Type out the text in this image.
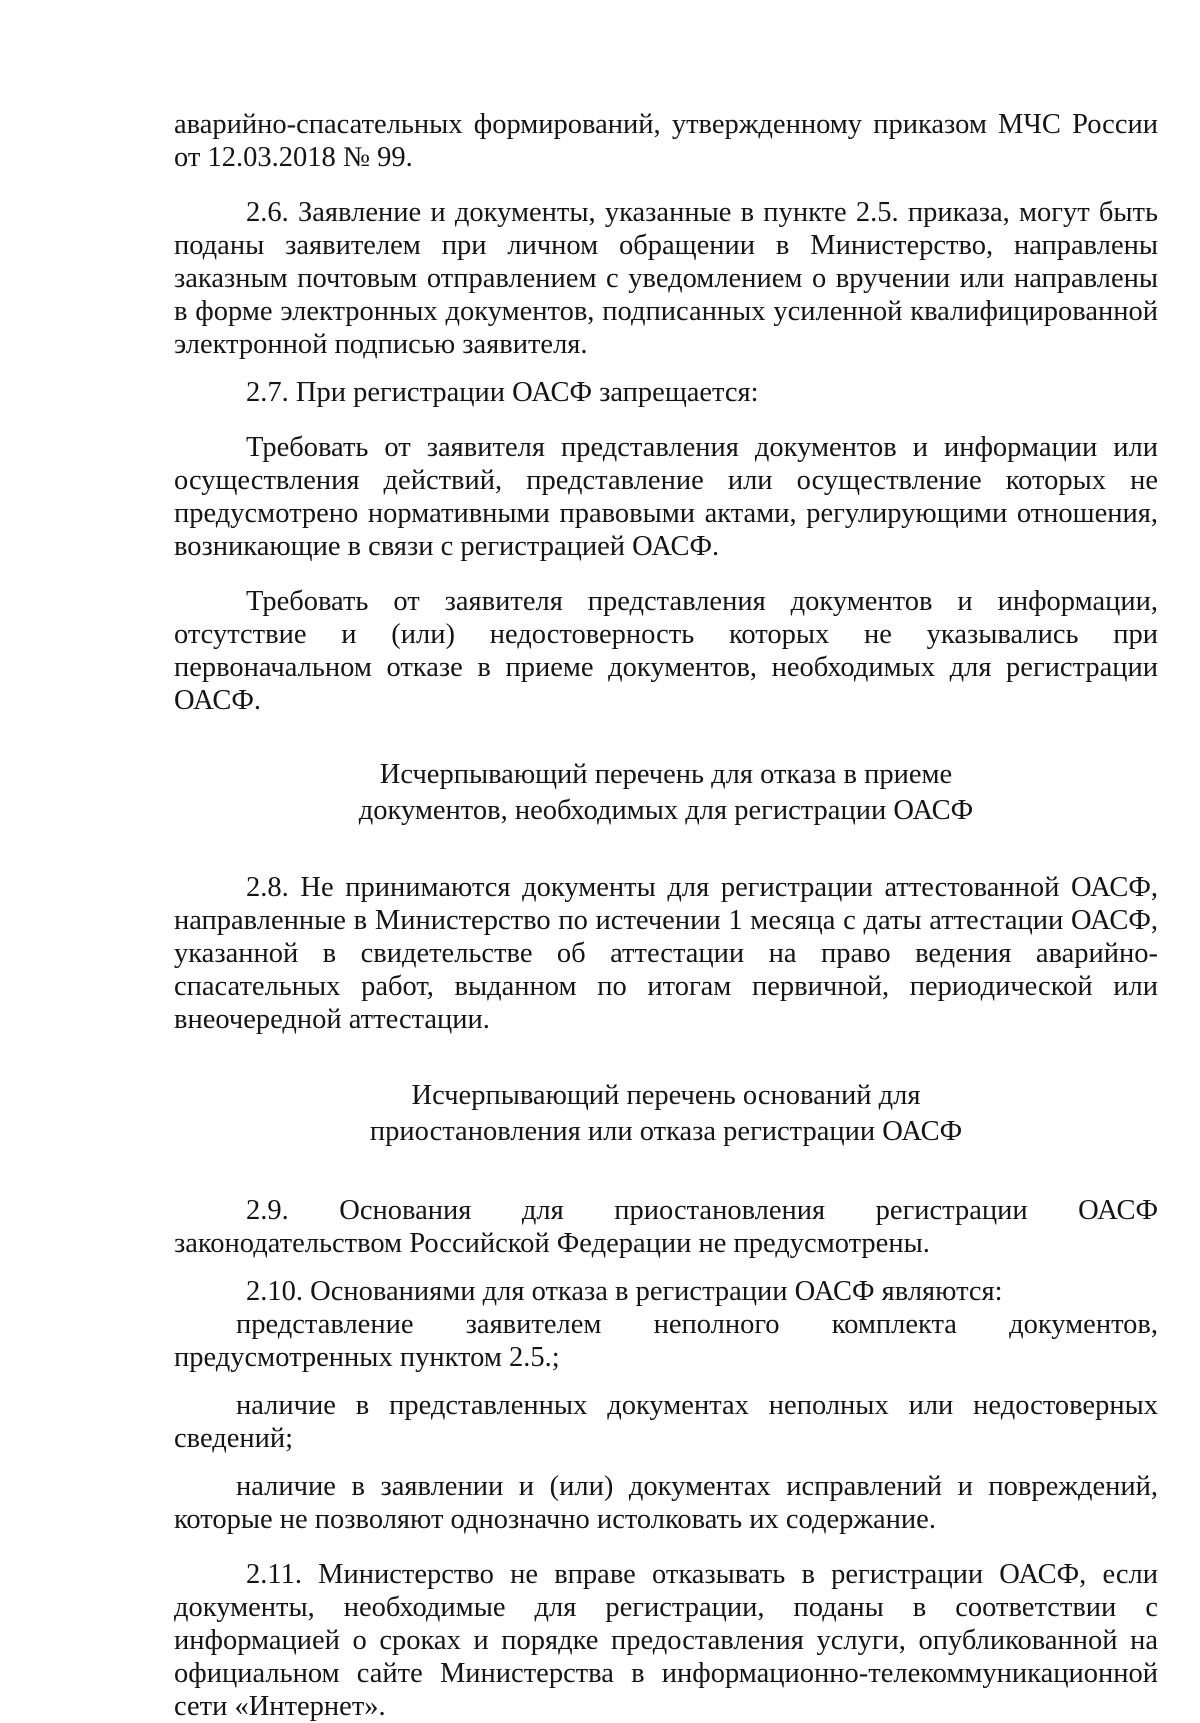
аварийно-спасательных формирований, утвержденному приказом МЧС России от 12.03.2018 № 99.

2.6. Заявление и документы, указанные в пункте 2.5. приказа, могут быть поданы заявителем при личном обращении в Министерство, направлены заказным почтовым отправлением с уведомлением о вручении или направлены в форме электронных документов, подписанных усиленной квалифицированной электронной подписью заявителя.

2.7. При регистрации ОАСФ запрещается:

Требовать от заявителя представления документов и информации или осуществления действий, представление или осуществление которых не предусмотрено нормативными правовыми актами, регулирующими отношения, возникающие в связи с регистрацией ОАСФ.

Требовать от заявителя представления документов и информации, отсутствие и (или) недостоверность которых не указывались при первоначальном отказе в приеме документов, необходимых для регистрации ОАСФ.

Исчерпывающий перечень для отказа в приеме
документов, необходимых для регистрации ОАСФ

2.8. Не принимаются документы для регистрации аттестованной ОАСФ, направленные в Министерство по истечении 1 месяца с даты аттестации ОАСФ, указанной в свидетельстве об аттестации на право ведения аварийно-спасательных работ, выданном по итогам первичной, периодической или внеочередной аттестации.

Исчерпывающий перечень оснований для
приостановления или отказа регистрации ОАСФ

2.9. Основания для приостановления регистрации ОАСФ законодательством Российской Федерации не предусмотрены.

2.10. Основаниями для отказа в регистрации ОАСФ являются:

представление заявителем неполного комплекта документов, предусмотренных пунктом 2.5.;

наличие в представленных документах неполных или недостоверных сведений;

наличие в заявлении и (или) документах исправлений и повреждений, которые не позволяют однозначно истолковать их содержание.

2.11. Министерство не вправе отказывать в регистрации ОАСФ, если документы, необходимые для регистрации, поданы в соответствии с информацией о сроках и порядке предоставления услуги, опубликованной на официальном сайте Министерства в информационно-телекоммуникационной сети «Интернет».
